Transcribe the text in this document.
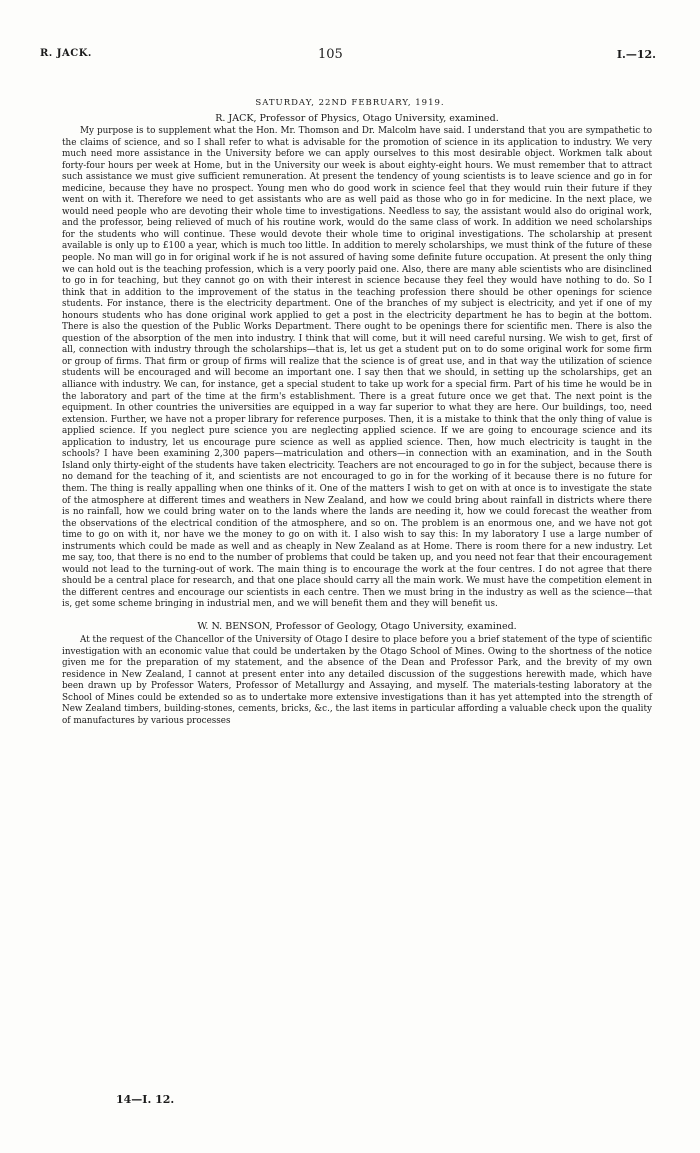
R. JACK.	105	I.—12.
SATURDAY, 22ND FEBRUARY, 1919.
R. JACK, Professor of Physics, Otago University, examined.

My purpose is to supplement what the Hon. Mr. Thomson and Dr. Malcolm have said. I understand that you are sympathetic to the claims of science, and so I shall refer to what is advisable for the promotion of science in its application to industry. We very much need more assistance in the University before we can apply ourselves to this most desirable object. Workmen talk about forty-four hours per week at Home, but in the University our week is about eighty-eight hours. We must remember that to attract such assistance we must give sufficient remuneration. At present the tendency of young scientists is to leave science and go in for medicine, because they have no prospect. Young men who do good work in science feel that they would ruin their future if they went on with it. Therefore we need to get assistants who are as well paid as those who go in for medicine. In the next place, we would need people who are devoting their whole time to investigations. Needless to say, the assistant would also do original work, and the professor, being relieved of much of his routine work, would do the same class of work. In addition we need scholarships for the students who will continue. These would devote their whole time to original investigations. The scholarship at present available is only up to £100 a year, which is much too little. In addition to merely scholarships, we must think of the future of these people. No man will go in for original work if he is not assured of having some definite future occupation. At present the only thing we can hold out is the teaching profession, which is a very poorly paid one. Also, there are many able scientists who are disinclined to go in for teaching, but they cannot go on with their interest in science because they feel they would have nothing to do. So I think that in addition to the improvement of the status in the teaching profession there should be other openings for science students. For instance, there is the electricity department. One of the branches of my subject is electricity, and yet if one of my honours students who has done original work applied to get a post in the electricity department he has to begin at the bottom. There is also the question of the Public Works Department. There ought to be openings there for scientific men. There is also the question of the absorption of the men into industry. I think that will come, but it will need careful nursing. We wish to get, first of all, connection with industry through the scholarships—that is, let us get a student put on to do some original work for some firm or group of firms. That firm or group of firms will realize that the science is of great use, and in that way the utilization of science students will be encouraged and will become an important one. I say then that we should, in setting up the scholarships, get an alliance with industry. We can, for instance, get a special student to take up work for a special firm. Part of his time he would be in the laboratory and part of the time at the firm's establishment. There is a great future once we get that. The next point is the equipment. In other countries the universities are equipped in a way far superior to what they are here. Our buildings, too, need extension. Further, we have not a proper library for reference purposes. Then, it is a mistake to think that the only thing of value is applied science. If you neglect pure science you are neglecting applied science. If we are going to encourage science and its application to industry, let us encourage pure science as well as applied science. Then, how much electricity is taught in the schools? I have been examining 2,300 papers—matriculation and others—in connection with an examination, and in the South Island only thirty-eight of the students have taken electricity. Teachers are not encouraged to go in for the subject, because there is no demand for the teaching of it, and scientists are not encouraged to go in for the working of it because there is no future for them. The thing is really appalling when one thinks of it. One of the matters I wish to get on with at once is to investigate the state of the atmosphere at different times and weathers in New Zealand, and how we could bring about rainfall in districts where there is no rainfall, how we could bring water on to the lands where the lands are needing it, how we could forecast the weather from the observations of the electrical condition of the atmosphere, and so on. The problem is an enormous one, and we have not got time to go on with it, nor have we the money to go on with it. I also wish to say this: In my laboratory I use a large number of instruments which could be made as well and as cheaply in New Zealand as at Home. There is room there for a new industry. Let me say, too, that there is no end to the number of problems that could be taken up, and you need not fear that their encouragement would not lead to the turning-out of work. The main thing is to encourage the work at the four centres. I do not agree that there should be a central place for research, and that one place should carry all the main work. We must have the competition element in the different centres and encourage our scientists in each centre. Then we must bring in the industry as well as the science—that is, get some scheme bringing in industrial men, and we will benefit them and they will benefit us.

W. N. BENSON, Professor of Geology, Otago University, examined.

At the request of the Chancellor of the University of Otago I desire to place before you a brief statement of the type of scientific investigation with an economic value that could be undertaken by the Otago School of Mines. Owing to the shortness of the notice given me for the preparation of my statement, and the absence of the Dean and Professor Park, and the brevity of my own residence in New Zealand, I cannot at present enter into any detailed discussion of the suggestions herewith made, which have been drawn up by Professor Waters, Professor of Metallurgy and Assaying, and myself. The materials-testing laboratory at the School of Mines could be extended so as to undertake more extensive investigations than it has yet attempted into the strength of New Zealand timbers, building-stones, cements, bricks, &c., the last items in particular affording a valuable check upon the quality of manufactures by various processes

14—I. 12.
